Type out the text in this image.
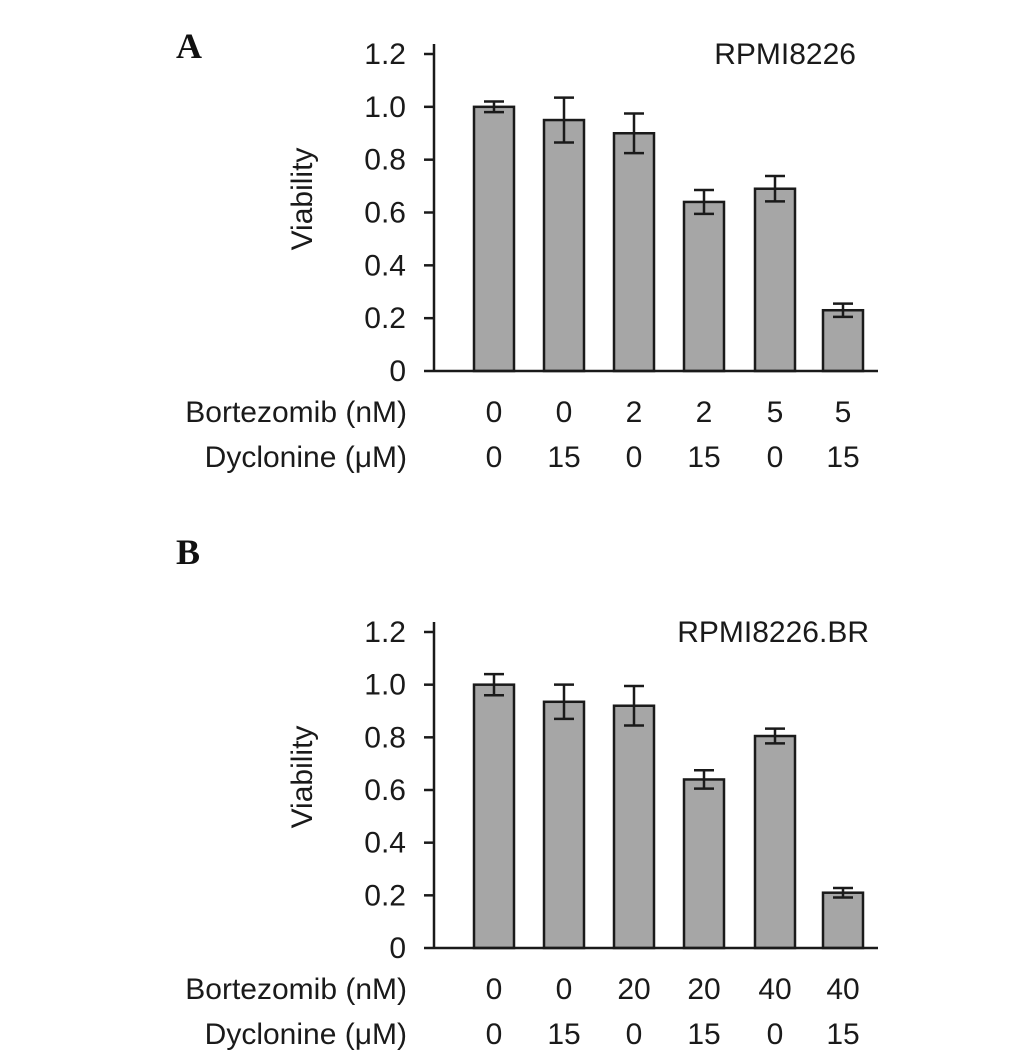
A	RPMI8226
Viability
1.2
1.0
0.8
0.6
0.4
0.2
0
Bortezomib (nM)	0 0 2 2 5 5
Dyclonine (μM)	0 15 0 15 0 15
B
RPMI8226.BR
Viability
1.2
1.0
0.8
0.6
0.4
0.2
0
Bortezomib (nM)	0 0 20 20 40 40
Dyclonine (μM)	0 15 0 15 0 15
